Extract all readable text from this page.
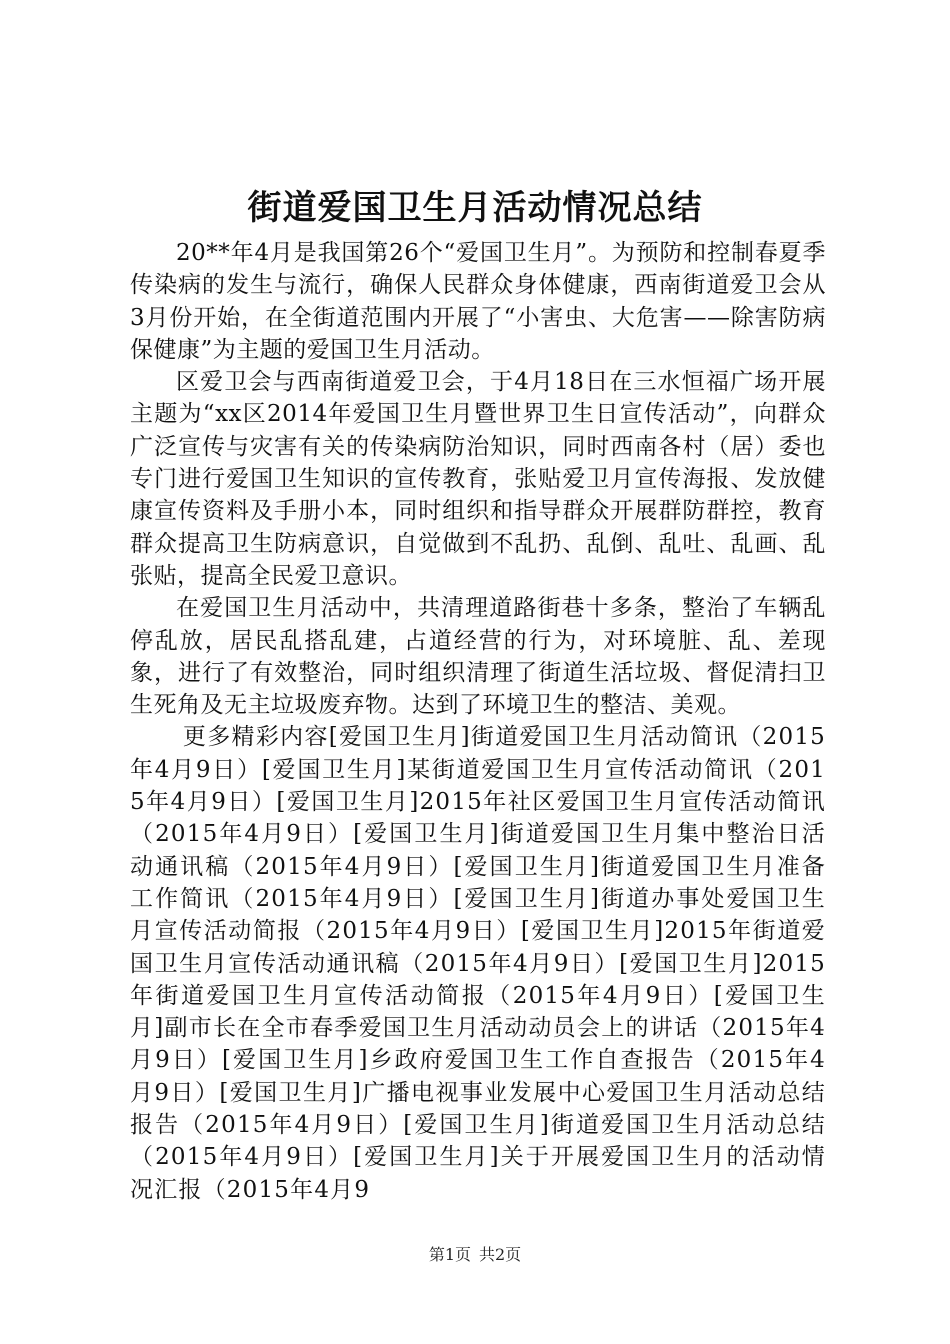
街道爱国卫生月活动情况总结

20**年4月是我国第26个“爱国卫生月”。为预防和控制春夏季传染病的发生与流行，确保人民群众身体健康，西南街道爱卫会从3月份开始，在全街道范围内开展了“小害虫、大危害——除害防病保健康”为主题的爱国卫生月活动。

区爱卫会与西南街道爱卫会，于4月18日在三水恒福广场开展主题为“xx区2014年爱国卫生月暨世界卫生日宣传活动”，向群众广泛宣传与灾害有关的传染病防治知识，同时西南各村（居）委也专门进行爱国卫生知识的宣传教育，张贴爱卫月宣传海报、发放健康宣传资料及手册小本，同时组织和指导群众开展群防群控，教育群众提高卫生防病意识，自觉做到不乱扔、乱倒、乱吐、乱画、乱张贴，提高全民爱卫意识。

在爱国卫生月活动中，共清理道路街巷十多条，整治了车辆乱停乱放，居民乱搭乱建，占道经营的行为，对环境脏、乱、差现象，进行了有效整治，同时组织清理了街道生活垃圾、督促清扫卫生死角及无主垃圾废弃物。达到了环境卫生的整洁、美观。

更多精彩内容[爱国卫生月]街道爱国卫生月活动简讯（2015年4月9日）[爱国卫生月]某街道爱国卫生月宣传活动简讯（2015年4月9日）[爱国卫生月]2015年社区爱国卫生月宣传活动简讯（2015年4月9日）[爱国卫生月]街道爱国卫生月集中整治日活动通讯稿（2015年4月9日）[爱国卫生月]街道爱国卫生月准备工作简讯（2015年4月9日）[爱国卫生月]街道办事处爱国卫生月宣传活动简报（2015年4月9日）[爱国卫生月]2015年街道爱国卫生月宣传活动通讯稿（2015年4月9日）[爱国卫生月]2015年街道爱国卫生月宣传活动简报（2015年4月9日）[爱国卫生月]副市长在全市春季爱国卫生月活动动员会上的讲话（2015年4月9日）[爱国卫生月]乡政府爱国卫生工作自查报告（2015年4月9日）[爱国卫生月]广播电视事业发展中心爱国卫生月活动总结报告（2015年4月9日）[爱国卫生月]街道爱国卫生月活动总结（2015年4月9日）[爱国卫生月]关于开展爱国卫生月的活动情况汇报（2015年4月9

第1页 共2页
